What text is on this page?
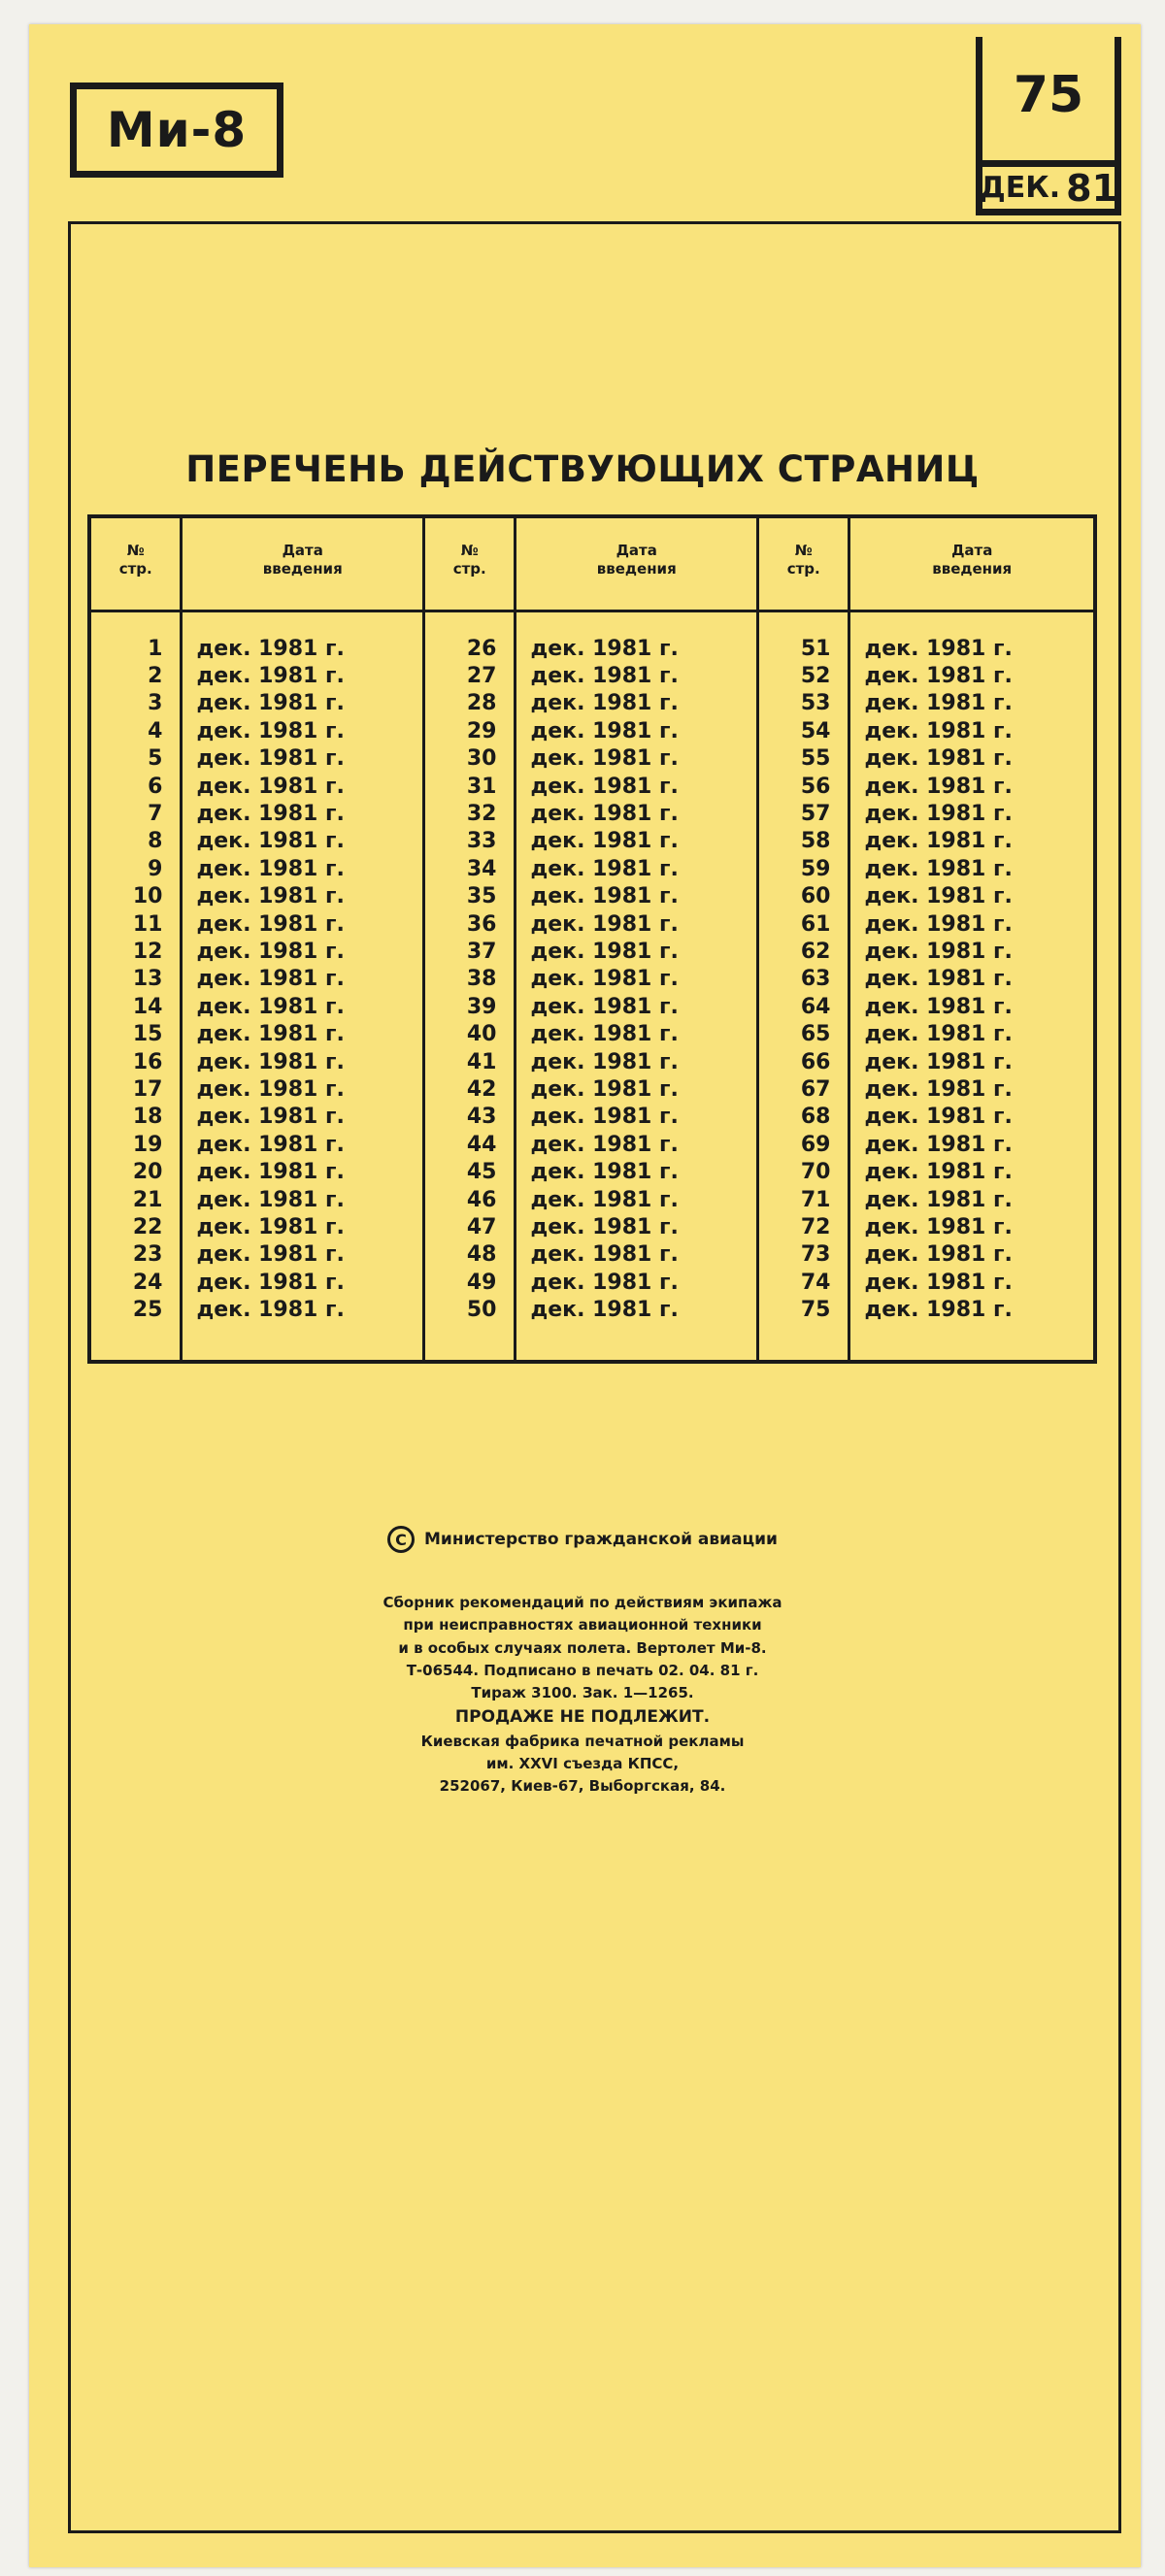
Ми-8
75
ДЕК. 81
ПЕРЕЧЕНЬ ДЕЙСТВУЮЩИХ СТРАНИЦ
№
стр.
1
2
3
4
5
6
7
8
9
10
11
12
13
14
15
16
17
18
19
20
21
22
23
24
25
Дата
введения
дек. 1981 г.
дек. 1981 г.
дек. 1981 г.
дек. 1981 г.
дек. 1981 г.
дек. 1981 г.
дек. 1981 г.
дек. 1981 г.
дек. 1981 г.
дек. 1981 г.
дек. 1981 г.
дек. 1981 г.
дек. 1981 г.
дек. 1981 г.
дек. 1981 г.
дек. 1981 г.
дек. 1981 г.
дек. 1981 г.
дек. 1981 г.
дек. 1981 г.
дек. 1981 г.
дек. 1981 г.
дек. 1981 г.
дек. 1981 г.
дек. 1981 г.
№
стр.
26
27
28
29
30
31
32
33
34
35
36
37
38
39
40
41
42
43
44
45
46
47
48
49
50
Дата
введения
дек. 1981 г.
дек. 1981 г.
дек. 1981 г.
дек. 1981 г.
дек. 1981 г.
дек. 1981 г.
дек. 1981 г.
дек. 1981 г.
дек. 1981 г.
дек. 1981 г.
дек. 1981 г.
дек. 1981 г.
дек. 1981 г.
дек. 1981 г.
дек. 1981 г.
дек. 1981 г.
дек. 1981 г.
дек. 1981 г.
дек. 1981 г.
дек. 1981 г.
дек. 1981 г.
дек. 1981 г.
дек. 1981 г.
дек. 1981 г.
дек. 1981 г.
№
стр.
51
52
53
54
55
56
57
58
59
60
61
62
63
64
65
66
67
68
69
70
71
72
73
74
75
Дата
введения
дек. 1981 г.
дек. 1981 г.
дек. 1981 г.
дек. 1981 г.
дек. 1981 г.
дек. 1981 г.
дек. 1981 г.
дек. 1981 г.
дек. 1981 г.
дек. 1981 г.
дек. 1981 г.
дек. 1981 г.
дек. 1981 г.
дек. 1981 г.
дек. 1981 г.
дек. 1981 г.
дек. 1981 г.
дек. 1981 г.
дек. 1981 г.
дек. 1981 г.
дек. 1981 г.
дек. 1981 г.
дек. 1981 г.
дек. 1981 г.
дек. 1981 г.
С	Министерство гражданской авиации
Сборник рекомендаций по действиям экипажа
при неисправностях авиационной техники
и в особых случаях полета. Вертолет Ми-8.
Т-06544. Подписано в печать 02. 04. 81 г.
Тираж 3100. Зак. 1—1265.
ПРОДАЖЕ НЕ ПОДЛЕЖИТ.
Киевская фабрика печатной рекламы
им. XXVI съезда КПСС,
252067, Киев-67, Выборгская, 84.
